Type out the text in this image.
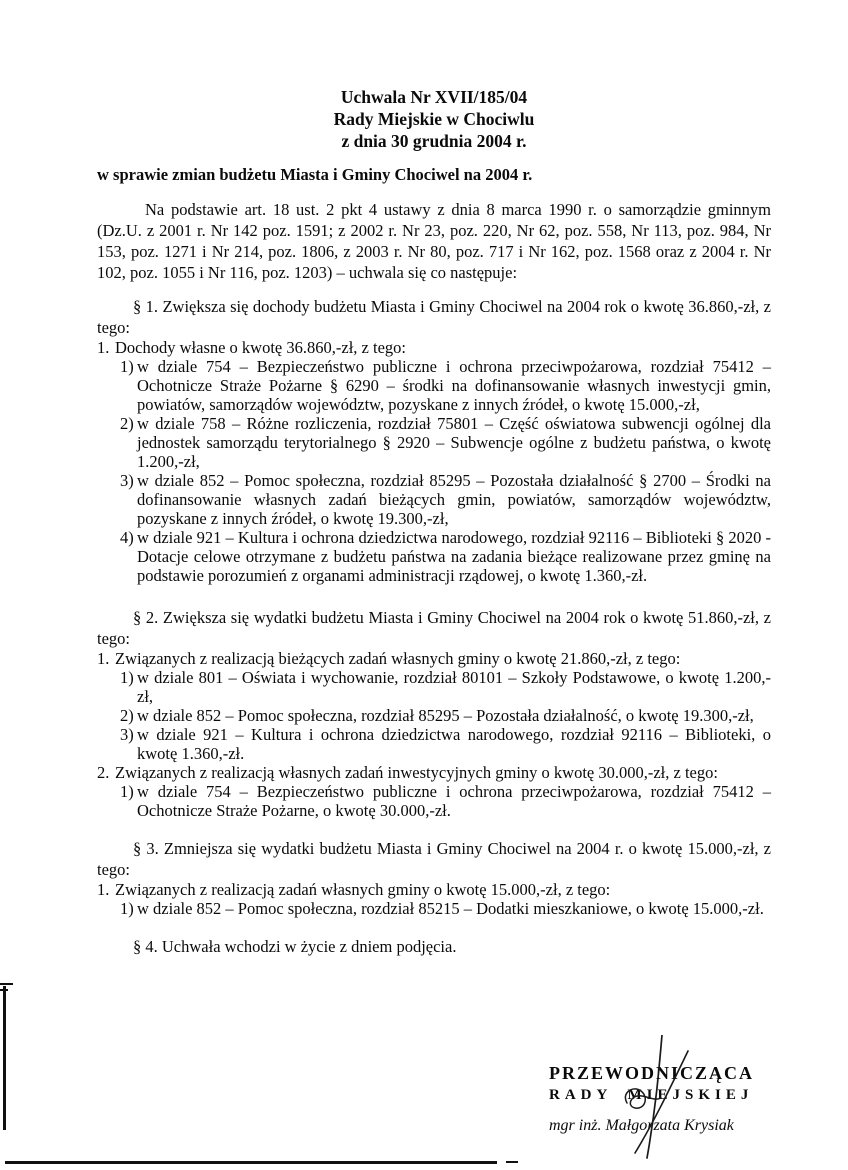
Uchwala Nr XVII/185/04
Rady Miejskie w Chociwlu
z dnia 30 grudnia 2004 r.

w sprawie zmian budżetu Miasta i Gminy Chociwel na 2004 r.

Na podstawie art. 18 ust. 2 pkt 4 ustawy z dnia 8 marca 1990 r. o samorządzie gminnym (Dz.U. z 2001 r. Nr 142 poz. 1591; z 2002 r. Nr 23, poz. 220, Nr 62, poz. 558, Nr 113, poz. 984, Nr 153, poz. 1271 i Nr 214, poz. 1806, z 2003 r. Nr 80, poz. 717 i Nr 162, poz. 1568 oraz z 2004 r. Nr 102, poz. 1055 i Nr 116, poz. 1203) – uchwala się co następuje:

§ 1. Zwiększa się dochody budżetu Miasta i Gminy Chociwel na 2004 rok o kwotę 36.860,-zł, z tego:

1. Dochody własne o kwotę 36.860,-zł, z tego:
1) w dziale 754 – Bezpieczeństwo publiczne i ochrona przeciwpożarowa, rozdział 75412 – Ochotnicze Straże Pożarne § 6290 – środki na dofinansowanie własnych inwestycji gmin, powiatów, samorządów województw, pozyskane z innych źródeł, o kwotę 15.000,-zł,
2) w dziale 758 – Różne rozliczenia, rozdział 75801 – Część oświatowa subwencji ogólnej dla jednostek samorządu terytorialnego § 2920 – Subwencje ogólne z budżetu państwa, o kwotę 1.200,-zł,
3) w dziale 852 – Pomoc społeczna, rozdział 85295 – Pozostała działalność § 2700 – Środki na dofinansowanie własnych zadań bieżących gmin, powiatów, samorządów województw, pozyskane z innych źródeł, o kwotę 19.300,-zł,
4) w dziale 921 – Kultura i ochrona dziedzictwa narodowego, rozdział 92116 – Biblioteki § 2020 - Dotacje celowe otrzymane z budżetu państwa na zadania bieżące realizowane przez gminę na podstawie porozumień z organami administracji rządowej, o kwotę 1.360,-zł.

§ 2. Zwiększa się wydatki budżetu Miasta i Gminy Chociwel na 2004 rok o kwotę 51.860,-zł, z tego:

1. Związanych z realizacją bieżących zadań własnych gminy o kwotę 21.860,-zł, z tego:
1) w dziale 801 – Oświata i wychowanie, rozdział 80101 – Szkoły Podstawowe, o kwotę 1.200,-zł,
2) w dziale 852 – Pomoc społeczna, rozdział 85295 – Pozostała działalność, o kwotę 19.300,-zł,
3) w dziale 921 – Kultura i ochrona dziedzictwa narodowego, rozdział 92116 – Biblioteki, o kwotę 1.360,-zł.
2. Związanych z realizacją własnych zadań inwestycyjnych gminy o kwotę 30.000,-zł, z tego:
1) w dziale 754 – Bezpieczeństwo publiczne i ochrona przeciwpożarowa, rozdział 75412 – Ochotnicze Straże Pożarne, o kwotę 30.000,-zł.

§ 3. Zmniejsza się wydatki budżetu Miasta i Gminy Chociwel na 2004 r. o kwotę 15.000,-zł, z tego:

1. Związanych z realizacją zadań własnych gminy o kwotę 15.000,-zł, z tego:
1) w dziale 852 – Pomoc społeczna, rozdział 85215 – Dodatki mieszkaniowe, o kwotę 15.000,-zł.

§ 4. Uchwała wchodzi w życie z dniem podjęcia.

PRZEWODNICZĄCA
RADY MIEJSKIEJ
mgr inż. Małgorzata Krysiak
